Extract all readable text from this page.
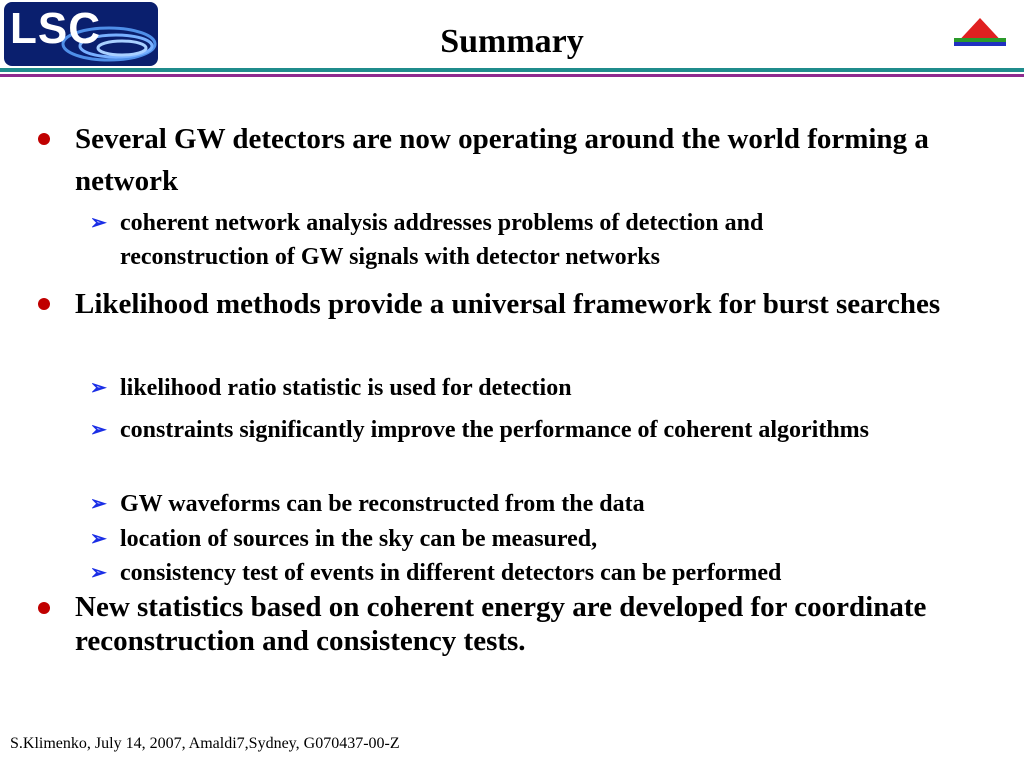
LSC	Summary
Several GW detectors are now operating around the world forming a network
➢ coherent network analysis addresses problems of detection and reconstruction of GW signals with detector networks
Likelihood methods provide a universal framework for burst searches
➢ likelihood ratio statistic is used for detection
➢ constraints significantly improve the performance of coherent algorithms
➢ GW waveforms can be reconstructed from the data
➢ location of sources in the sky can be measured,
➢ consistency test of events in different detectors can be performed
New statistics based on coherent energy are developed for coordinate reconstruction and consistency tests.
S.Klimenko, July 14, 2007, Amaldi7,Sydney, G070437-00-Z
